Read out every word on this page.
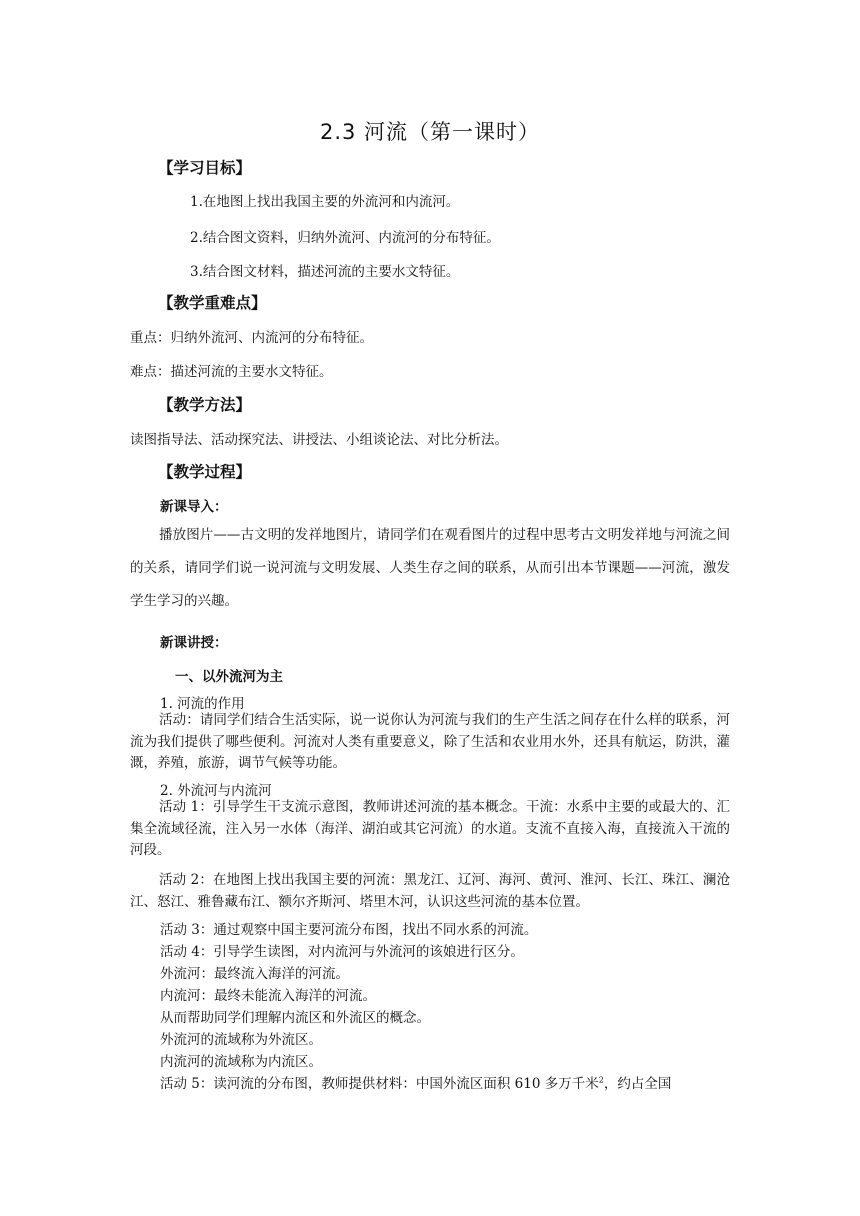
2.3 河流（第一课时）
【学习目标】
1.在地图上找出我国主要的外流河和内流河。
2.结合图文资料，归纳外流河、内流河的分布特征。
3.结合图文材料，描述河流的主要水文特征。
【教学重难点】
重点：归纳外流河、内流河的分布特征。
难点：描述河流的主要水文特征。
【教学方法】
读图指导法、活动探究法、讲授法、小组谈论法、对比分析法。
【教学过程】
新课导入：
播放图片——古文明的发祥地图片，请同学们在观看图片的过程中思考古文明发祥地与河流之间的关系，请同学们说一说河流与文明发展、人类生存之间的联系，从而引出本节课题——河流，激发学生学习的兴趣。
新课讲授：
一、以外流河为主
1. 河流的作用
活动：请同学们结合生活实际，说一说你认为河流与我们的生产生活之间存在什么样的联系，河流为我们提供了哪些便利。河流对人类有重要意义，除了生活和农业用水外，还具有航运，防洪，灌溉，养殖，旅游，调节气候等功能。
2. 外流河与内流河
活动 1：引导学生干支流示意图，教师讲述河流的基本概念。干流：水系中主要的或最大的、汇集全流域径流，注入另一水体（海洋、湖泊或其它河流）的水道。支流不直接入海，直接流入干流的河段。
活动 2：在地图上找出我国主要的河流：黑龙江、辽河、海河、黄河、淮河、长江、珠江、澜沧江、怒江、雅鲁藏布江、额尔齐斯河、塔里木河，认识这些河流的基本位置。
活动 3：通过观察中国主要河流分布图，找出不同水系的河流。
活动 4：引导学生读图，对内流河与外流河的该娘进行区分。
外流河：最终流入海洋的河流。
内流河：最终未能流入海洋的河流。
从而帮助同学们理解内流区和外流区的概念。
外流河的流域称为外流区。
内流河的流域称为内流区。
活动 5：读河流的分布图，教师提供材料：中国外流区面积 610 多万千米$^2$，约占全国
